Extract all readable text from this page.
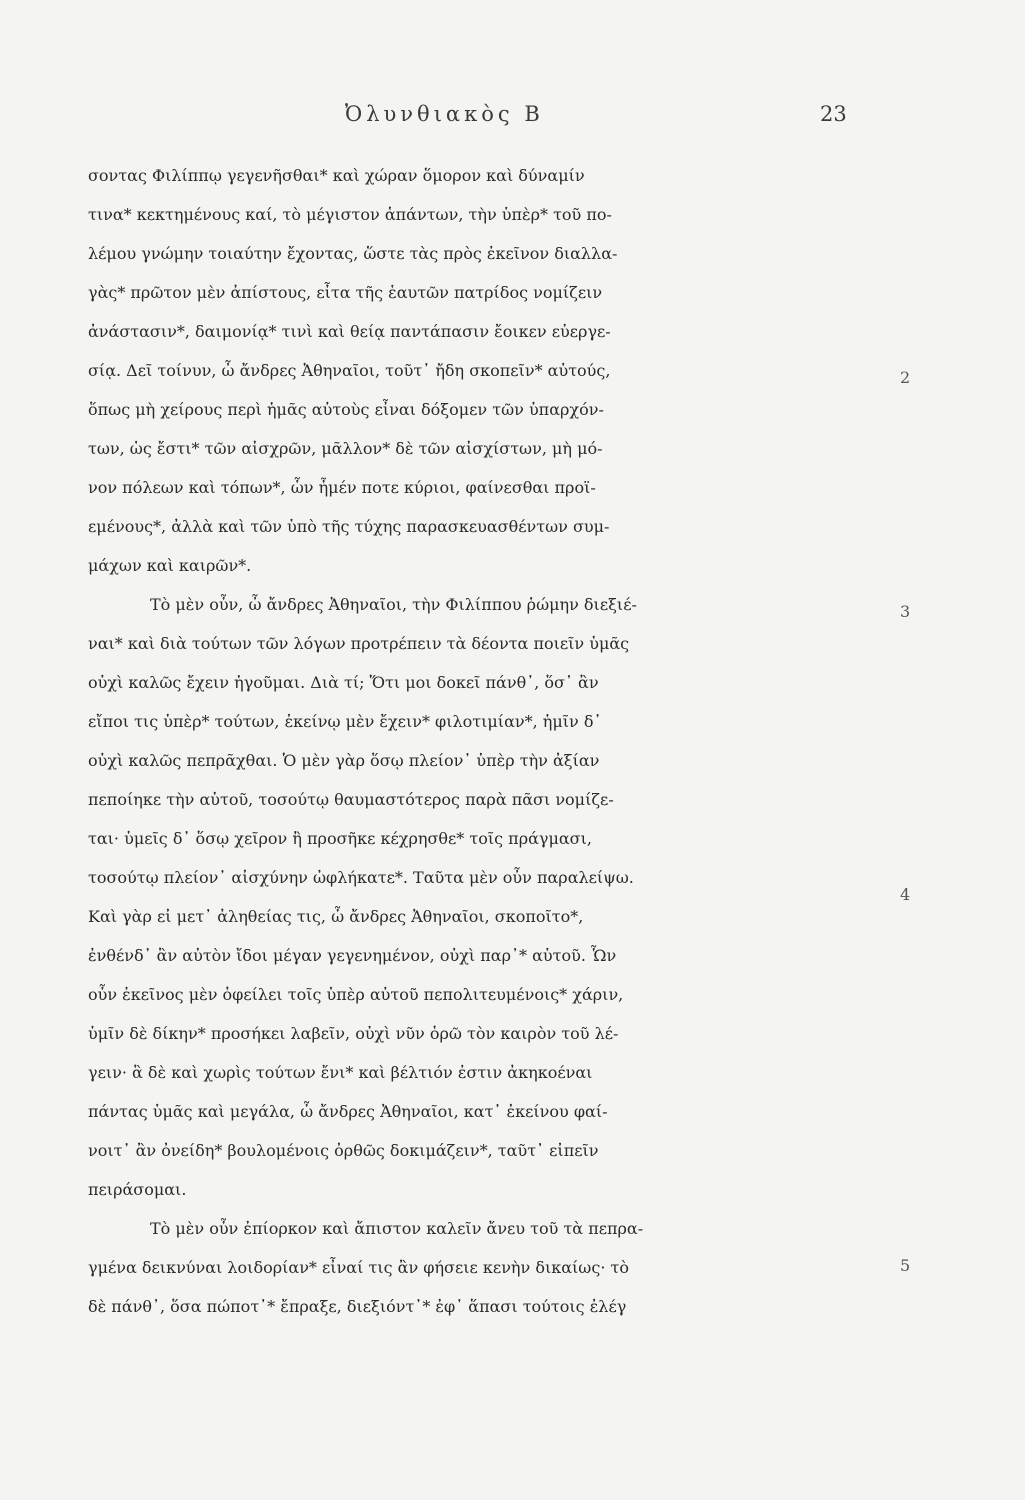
Ὀλυνθιακὸς Β	23
σοντας Φιλίππῳ γεγενῆσθαι* καὶ χώραν ὅμορον καὶ δύναμίν
τινα* κεκτημένους καί, τὸ μέγιστον ἁπάντων, τὴν ὑπὲρ* τοῦ πο-
λέμου γνώμην τοιαύτην ἔχοντας, ὥστε τὰς πρὸς ἐκεῖνον διαλλα-
γὰς* πρῶτον μὲν ἀπίστους, εἶτα τῆς ἑαυτῶν πατρίδος νομίζειν
ἀνάστασιν*, δαιμονίᾳ* τινὶ καὶ θείᾳ παντάπασιν ἔοικεν εὐεργε-
σίᾳ. Δεῖ τοίνυν, ὦ ἄνδρες Ἀθηναῖοι, τοῦτ᾽ ἤδη σκοπεῖν* αὐτούς,
ὅπως μὴ χείρους περὶ ἡμᾶς αὐτοὺς εἶναι δόξομεν τῶν ὑπαρχόν-
των, ὡς ἔστι* τῶν αἰσχρῶν, μᾶλλον* δὲ τῶν αἰσχίστων, μὴ μό-
νον πόλεων καὶ τόπων*, ὧν ἦμέν ποτε κύριοι, φαίνεσθαι προϊ-
εμένους*, ἀλλὰ καὶ τῶν ὑπὸ τῆς τύχης παρασκευασθέντων συμ-
μάχων καὶ καιρῶν*.
Τὸ μὲν οὖν, ὦ ἄνδρες Ἀθηναῖοι, τὴν Φιλίππου ῥώμην διεξιέ-
ναι* καὶ διὰ τούτων τῶν λόγων προτρέπειν τὰ δέοντα ποιεῖν ὑμᾶς
οὐχὶ καλῶς ἔχειν ἡγοῦμαι. Διὰ τί; Ὅτι μοι δοκεῖ πάνθ᾽, ὅσ᾽ ἂν
εἴποι τις ὑπὲρ* τούτων, ἐκείνῳ μὲν ἔχειν* φιλοτιμίαν*, ἡμῖν δ᾽
οὐχὶ καλῶς πεπρᾶχθαι. Ὁ μὲν γὰρ ὅσῳ πλείον᾽ ὑπὲρ τὴν ἀξίαν
πεποίηκε τὴν αὑτοῦ, τοσούτῳ θαυμαστότερος παρὰ πᾶσι νομίζε-
ται· ὑμεῖς δ᾽ ὅσῳ χεῖρον ἢ προσῆκε κέχρησθε* τοῖς πράγμασι,
τοσούτῳ πλείον᾽ αἰσχύνην ὠφλήκατε*. Ταῦτα μὲν οὖν παραλείψω.
Καὶ γὰρ εἰ μετ᾽ ἀληθείας τις, ὦ ἄνδρες Ἀθηναῖοι, σκοποῖτο*,
ἐνθένδ᾽ ἂν αὐτὸν ἴδοι μέγαν γεγενημένον, οὐχὶ παρ᾽* αὑτοῦ. Ὧν
οὖν ἐκεῖνος μὲν ὀφείλει τοῖς ὑπὲρ αὐτοῦ πεπολιτευμένοις* χάριν,
ὑμῖν δὲ δίκην* προσήκει λαβεῖν, οὐχὶ νῦν ὁρῶ τὸν καιρὸν τοῦ λέ-
γειν· ἃ δὲ καὶ χωρὶς τούτων ἔνι* καὶ βέλτιόν ἐστιν ἀκηκοέναι
πάντας ὑμᾶς καὶ μεγάλα, ὦ ἄνδρες Ἀθηναῖοι, κατ᾽ ἐκείνου φαί-
νοιτ᾽ ἂν ὀνείδη* βουλομένοις ὀρθῶς δοκιμάζειν*, ταῦτ᾽ εἰπεῖν
πειράσομαι.
Τὸ μὲν οὖν ἐπίορκον καὶ ἄπιστον καλεῖν ἄνευ τοῦ τὰ πεπρα-
γμένα δεικνύναι λοιδορίαν* εἶναί τις ἂν φήσειε κενὴν δικαίως· τὸ
δὲ πάνθ᾽, ὅσα πώποτ᾽* ἔπραξε, διεξιόντ᾽* ἐφ᾽ ἅπασι τούτοις ἐλέγ
2
3
4
5
